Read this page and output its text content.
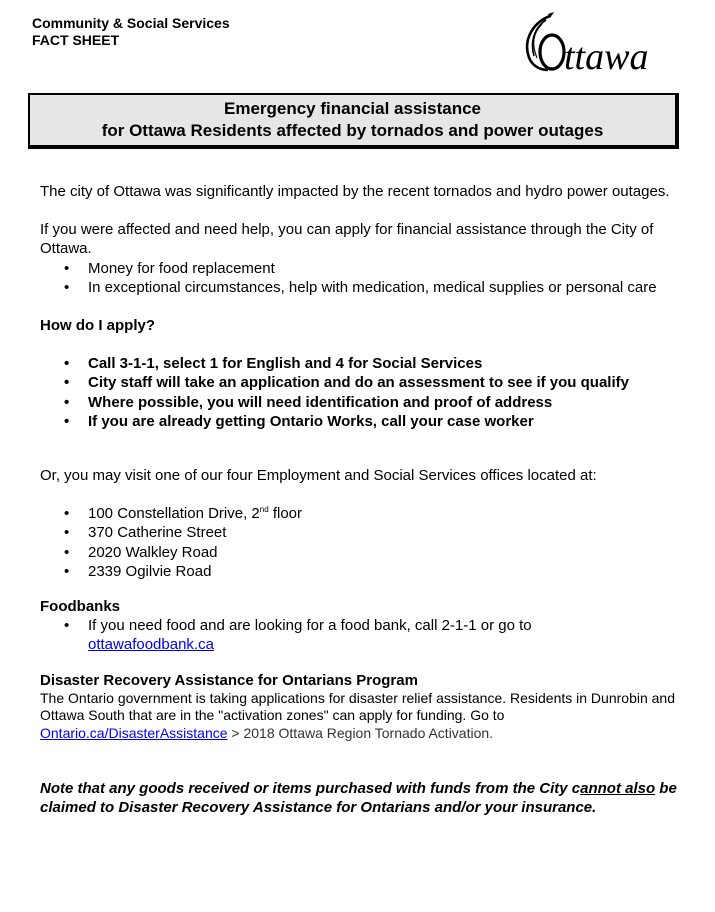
Community & Social Services
FACT SHEET	ttawa
Emergency financial assistance
for Ottawa Residents affected by tornados and power outages

The city of Ottawa was significantly impacted by the recent tornados and hydro power outages.

If you were affected and need help, you can apply for financial assistance through the City of Ottawa.

• Money for food replacement
• In exceptional circumstances, help with medication, medical supplies or personal care

How do I apply?

• Call 3-1-1, select 1 for English and 4 for Social Services
• City staff will take an application and do an assessment to see if you qualify
• Where possible, you will need identification and proof of address
• If you are already getting Ontario Works, call your case worker

Or, you may visit one of our four Employment and Social Services offices located at:

• 100 Constellation Drive, 2nd floor
• 370 Catherine Street
• 2020 Walkley Road
• 2339 Ogilvie Road

Foodbanks

• If you need food and are looking for a food bank, call 2-1-1 or go to
ottawafoodbank.ca

Disaster Recovery Assistance for Ontarians Program

The Ontario government is taking applications for disaster relief assistance. Residents in Dunrobin and Ottawa South that are in the "activation zones" can apply for funding. Go to
Ontario.ca/DisasterAssistance > 2018 Ottawa Region Tornado Activation.

Note that any goods received or items purchased with funds from the City cannot also be claimed to Disaster Recovery Assistance for Ontarians and/or your insurance.
